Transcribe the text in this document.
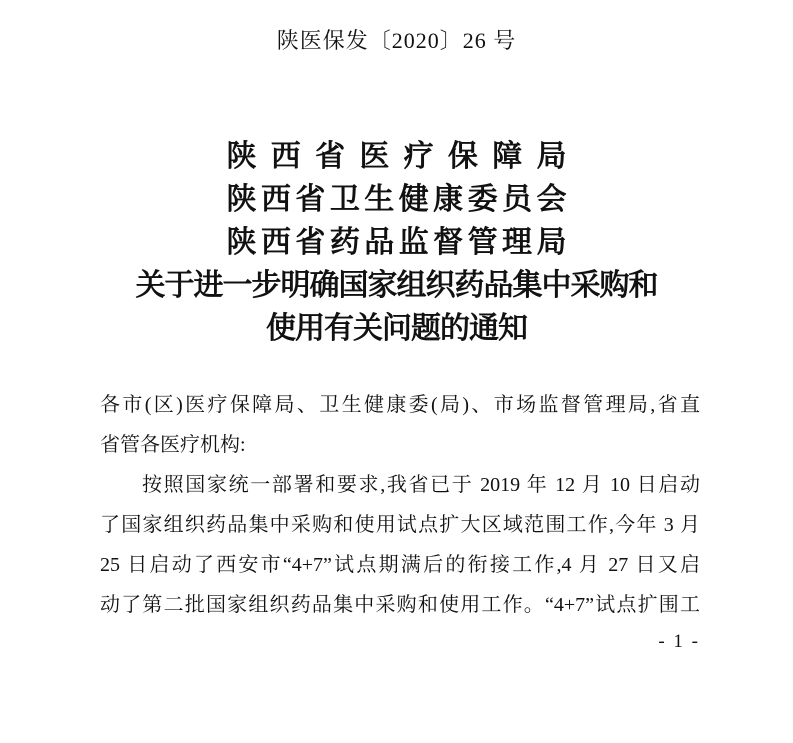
陕医保发〔2020〕26 号
陕西省医疗保障局
陕西省卫生健康委员会
陕西省药品监督管理局
关于进一步明确国家组织药品集中采购和
使用有关问题的通知
各市(区)医疗保障局、卫生健康委(局)、市场监督管理局,省直
省管各医疗机构:
按照国家统一部署和要求,我省已于 2019 年 12 月 10 日启动
了国家组织药品集中采购和使用试点扩大区域范围工作,今年 3 月
25 日启动了西安市“4+7”试点期满后的衔接工作,4 月 27 日又启
动了第二批国家组织药品集中采购和使用工作。“4+7”试点扩围工
- 1 -
